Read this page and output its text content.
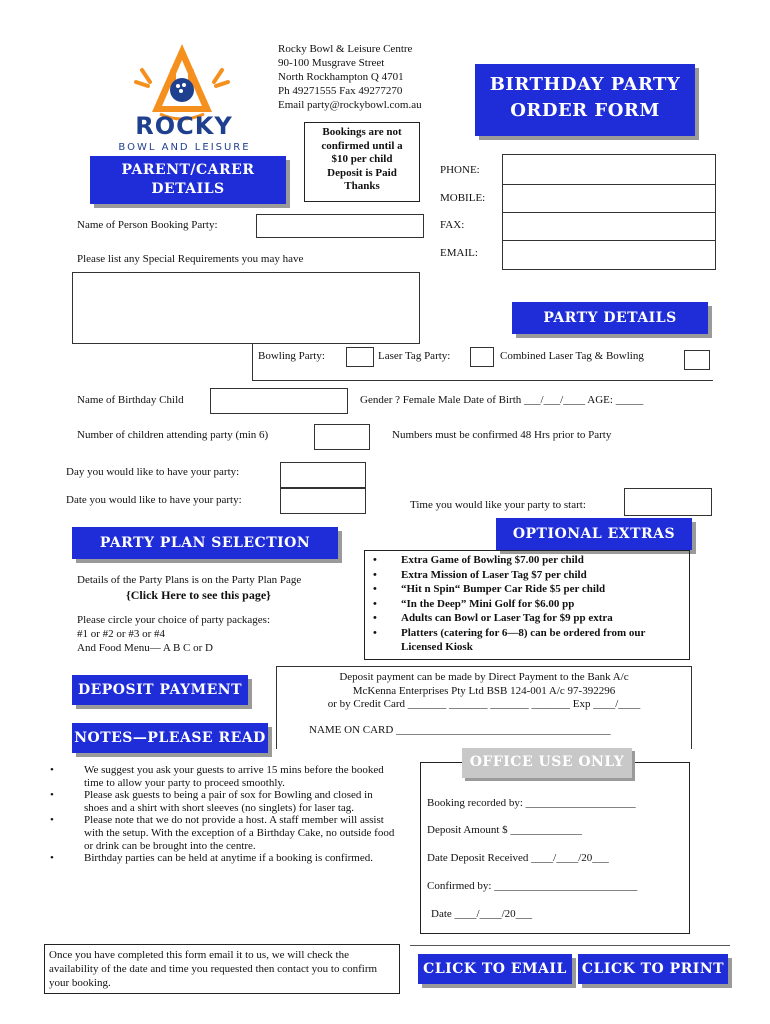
ROCKY
BOWL AND LEISURE
Rocky Bowl & Leisure Centre
90-100 Musgrave Street
North Rockhampton Q 4701
Ph 49271555 Fax 49277270
Email party@rockybowl.com.au
BIRTHDAY PARTY
ORDER FORM
Bookings are not
confirmed until a
$10 per child
Deposit is Paid
Thanks
PARENT/CARER
DETAILS
PHONE:
MOBILE:
FAX:
EMAIL:
Name of Person Booking Party:
Please list any Special Requirements you may have
PARTY DETAILS
Bowling Party:	Laser Tag Party:	Combined Laser Tag & Bowling
Name of Birthday Child	Gender ? Female Male Date of Birth ___/___/____ AGE: _____
Number of children attending party (min 6)	Numbers must be confirmed 48 Hrs prior to Party
Day you would like to have your party:
Date you would like to have your party:	Time you would like your party to start:
PARTY PLAN SELECTION
Details of the Party Plans is on the Party Plan Page
{Click Here to see this page}
Please circle your choice of party packages:
#1 or #2 or #3 or #4
And Food Menu— A B C or D
OPTIONAL EXTRAS
• Extra Game of Bowling $7.00 per child
• Extra Mission of Laser Tag $7 per child
• “Hit n Spin“ Bumper Car Ride $5 per child
• “In the Deep” Mini Golf for $6.00 pp
• Adults can Bowl or Laser Tag for $9 pp extra
• Platters (catering for 6—8) can be ordered from our Licensed Kiosk
DEPOSIT PAYMENT
Deposit payment can be made by Direct Payment to the Bank A/c
McKenna Enterprises Pty Ltd BSB 124-001 A/c 97-392296
or by Credit Card _______ _______ _______ _______ Exp ____/____
NAME ON CARD _______________________________________
NOTES—PLEASE READ
• We suggest you ask your guests to arrive 15 mins before the booked time to allow your party to proceed smoothly.
• Please ask guests to being a pair of sox for Bowling and closed in shoes and a shirt with short sleeves (no singlets) for laser tag.
• Please note that we do not provide a host. A staff member will assist with the setup. With the exception of a Birthday Cake, no outside food or drink can be brought into the centre.
• Birthday parties can be held at anytime if a booking is confirmed.
Booking recorded by: ____________________
Deposit Amount $ _____________
Date Deposit Received ____/____/20___
Confirmed by: __________________________
Date ____/____/20___
OFFICE USE ONLY
Once you have completed this form email it to us, we will check the availability of the date and time you requested then contact you to confirm your booking.
CLICK TO EMAIL	CLICK TO PRINT
